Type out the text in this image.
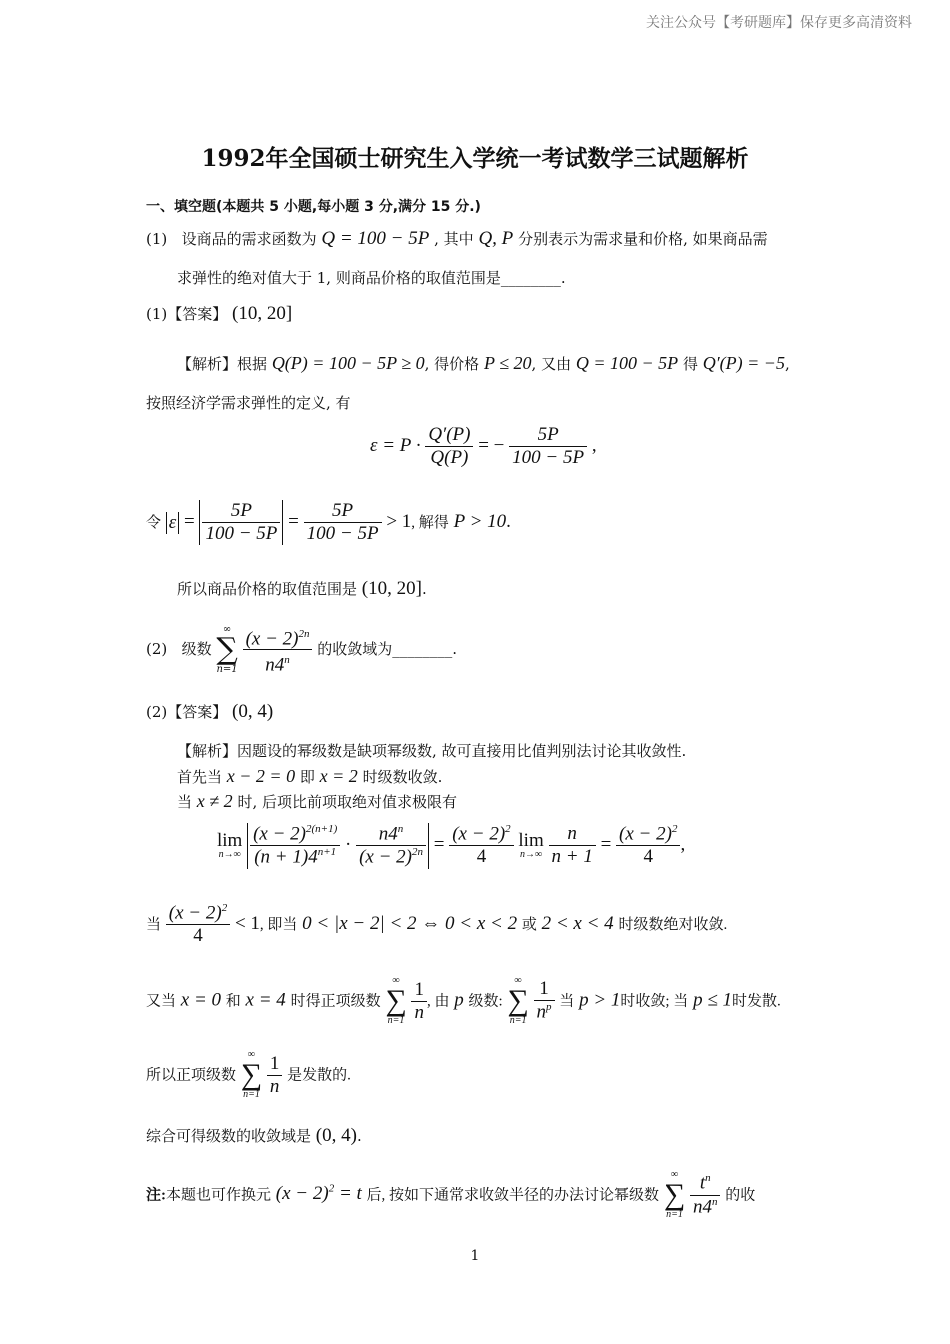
关注公众号【考研题库】保存更多高清资料
1992年全国硕士研究生入学统一考试数学三试题解析
一、填空题(本题共 5 小题,每小题 3 分,满分 15 分.)
(1) 设商品的需求函数为 Q = 100 − 5P , 其中 Q, P 分别表示为需求量和价格, 如果商品需
求弹性的绝对值大于 1, 则商品价格的取值范围是________.
(1)【答案】 (10, 20]
【解析】根据 Q(P) = 100 − 5P ≥ 0, 得价格 P ≤ 20, 又由 Q = 100 − 5P 得 Q′(P) = −5,
按照经济学需求弹性的定义, 有
$\varepsilon = P \cdot \frac{Q'(P)}{Q(P)}$ = − $\frac{5P}{100 - 5P}$ ,
令 $\varepsilon = \frac{5P}{100 - 5P} = \frac{5P}{100 - 5P} > 1$, 解得 P > 10.
所以商品价格的取值范围是 (10, 20].
(2) 级数
∞
∑
n=1
$\frac{(x - 2)^{2n}}{n4^n}$ 的收敛域为________.
(2)【答案】 (0, 4)
【解析】因题设的幂级数是缺项幂级数, 故可直接用比值判别法讨论其收敛性.
首先当 x − 2 = 0 即 x = 2 时级数收敛.
当 x ≠ 2 时, 后项比前项取绝对值求极限有
lim
n→∞
$\frac{(x - 2)^{2(n+1)}}{(n + 1)4^{n+1}} \cdot \frac{n4^n}{(x - 2)^{2n}} = \frac{(x - 2)^2}{4}$
lim
n→∞
$\frac{n}{n + 1} = \frac{(x - 2)^2}{4}$ ,
当 $\frac{(x - 2)^2}{4} < 1$, 即当 0 < |x − 2| < 2 ⇔ 0 < x < 2 或 2 < x < 4 时级数绝对收敛.
又当 x = 0 和 x = 4 时得正项级数
∞
∑
n=1
$\frac{1}{n}$ , 由 p 级数:
∞
∑
n=1
$\frac{1}{n^p}$ 当 p > 1时收敛; 当 p ≤ 1时发散.
所以正项级数
∞
∑
n=1
$\frac{1}{n}$ 是发散的.
综合可得级数的收敛域是 (0, 4).
注:本题也可作换元 $(x - 2)^2 = t$ 后, 按如下通常求收敛半径的办法讨论幂级数
∞
∑
n=1
$\frac{t^n}{n4^n}$ 的收
1
